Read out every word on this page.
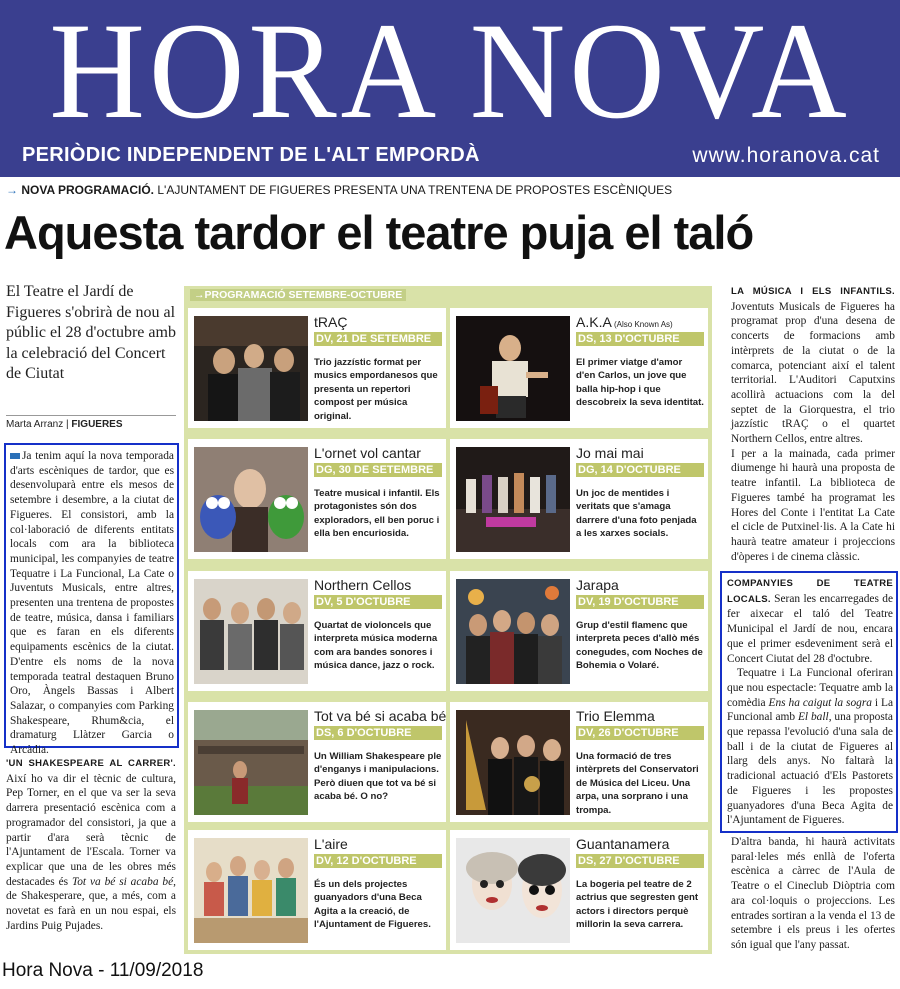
HORA NOVA
PERIÒDIC INDEPENDENT DE L'ALT EMPORDÀ	www.horanova.cat
→ NOVA PROGRAMACIÓ. L'AJUNTAMENT DE FIGUERES PRESENTA UNA TRENTENA DE PROPOSTES ESCÈNIQUES
Aquesta tardor el teatre puja el taló
El Teatre el Jardí de Figueres s'obrirà de nou al públic el 28 d'octubre amb la celebració del Concert de Ciutat
Marta Arranz | FIGUERES
Ja tenim aquí la nova temporada d'arts escèniques de tardor, que es desenvoluparà entre els mesos de setembre i desembre, a la ciutat de Figueres. El consistori, amb la col·laboració de diferents entitats locals com ara la biblioteca municipal, les companyies de teatre Tequatre i La Funcional, La Cate o Juventuts Musicals, entre altres, presenten una trentena de propostes de teatre, música, dansa i familiars que es faran en els diferents equipaments escènics de la ciutat. D'entre els noms de la nova temporada teatral destaquen Bruno Oro, Àngels Bassas i Albert Salazar, o companyies com Parking Shakespeare, Rhum&cia, el dramaturg Llàtzer Garcia o Arcàdia.
'UN SHAKESPEARE AL CARRER'. Així ho va dir el tècnic de cultura, Pep Torner, en el que va ser la seva darrera presentació escènica com a programador del consistori, ja que a partir d'ara serà tècnic de l'Ajuntament de l'Escala. Torner va explicar que una de les obres més destacades és Tot va bé si acaba bé, de Shakesperare, que, a més, com a novetat es farà en un nou espai, els Jardins Puig Pujades.
→PROGRAMACIÓ SETEMBRE-OCTUBRE
tRAÇ
DV, 21 DE SETEMBRE
Trio jazzístic format per musics empordanesos que presenta un repertori compost per música original.
A.K.A (Also Known As)
DS, 13 D'OCTUBRE
El primer viatge d'amor d'en Carlos, un jove que balla hip-hop i que descobreix la seva identitat.
L'ornet vol cantar
DG, 30 DE SETEMBRE
Teatre musical i infantil. Els protagonistes són dos exploradors, ell ben poruc i ella ben encuriosida.
Jo mai mai
DG, 14 D'OCTUBRE
Un joc de mentides i veritats que s'amaga darrere d'una foto penjada a les xarxes socials.
Northern Cellos
DV, 5 D'OCTUBRE
Quartat de violoncels que interpreta música moderna com ara bandes sonores i música dance, jazz o rock.
Jarapa
DV, 19 D'OCTUBRE
Grup d'estil flamenc que interpreta peces d'allò més conegudes, com Noches de Bohemia o Volaré.
Tot va bé si acaba bé
DS, 6 D'OCTUBRE
Un William Shakespeare ple d'enganys i manipulacions. Però diuen que tot va bé si acaba bé. O no?
Trio Elemma
DV, 26 D'OCTUBRE
Una formació de tres intèrprets del Conservatori de Música del Liceu. Una arpa, una sorprano i una trompa.
L'aire
DV, 12 D'OCTUBRE
És un dels projectes guanyadors d'una Beca Agita a la creació, de l'Ajuntament de Figueres.
Guantanamera
DS, 27 D'OCTUBRE
La bogeria pel teatre de 2 actrius que segresten gent actors i directors perquè millorin la seva carrera.

LA MÚSICA I ELS INFANTILS. Joventuts Musicals de Figueres ha programat prop d'una desena de concerts de formacions amb intèrprets de la ciutat o de la comarca, potenciant així el talent territorial. L'Auditori Caputxins acollirà actuacions com la del septet de la Giorquestra, el trio jazzístic tRAÇ o el quartet Northern Cellos, entre altres.

I per a la mainada, cada primer diumenge hi haurà una proposta de teatre infantil. La biblioteca de Figueres també ha programat les Hores del Conte i l'entitat La Cate el cicle de Putxinel·lis. A la Cate hi haurà teatre amateur i projeccions d'òperes i de cinema clàssic.

COMPANYIES DE TEATRE LOCALS. Seran les encarregades de fer aixecar el taló del Teatre Municipal el Jardí de nou, encara que el primer esdeveniment serà el Concert Ciutat del 28 d'octubre.

Tequatre i La Funcional oferiran que nou espectacle: Tequatre amb la comèdia Ens ha caigut la sogra i La Funcional amb El ball, una proposta que repassa l'evolució d'una sala de ball i de la ciutat de Figueres al llarg dels anys. No faltarà la tradicional actuació d'Els Pastorets de Figueres i les propostes guanyadores d'una Beca Agita de l'Ajuntament de Figueres.

D'altra banda, hi haurà activitats paral·leles més enllà de l'oferta escènica a càrrec de l'Aula de Teatre o el Cineclub Diòptria com ara col·loquis o projeccions. Les entrades sortiran a la venda el 13 de setembre i els preus i les ofertes són igual que l'any passat.
Hora Nova - 11/09/2018
